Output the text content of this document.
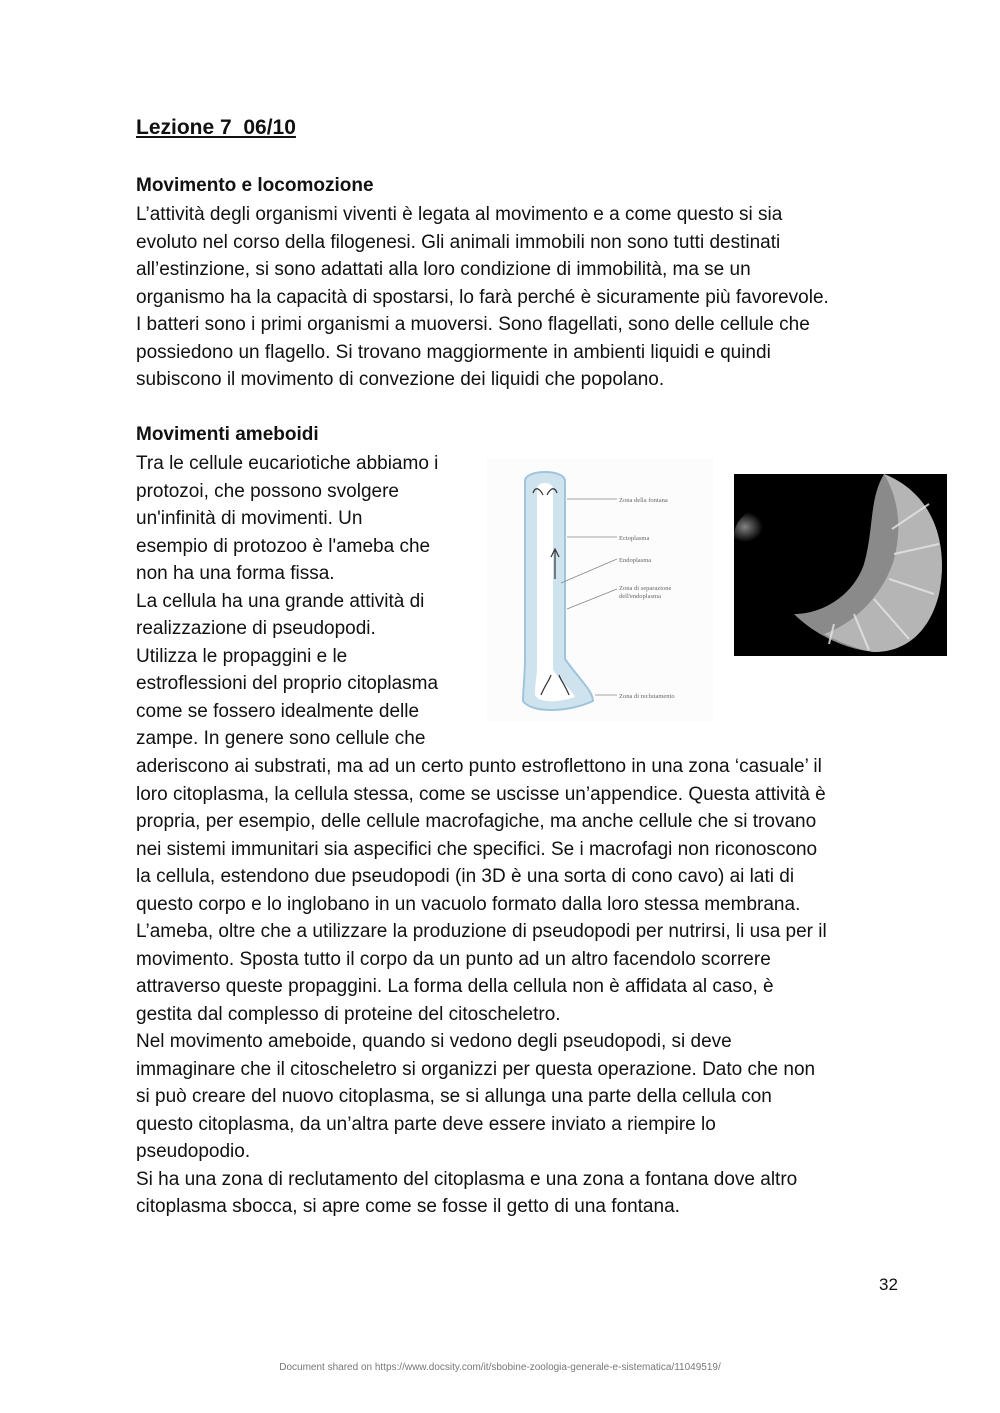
Lezione 7  06/10
Movimento e locomozione
L’attività degli organismi viventi è legata al movimento e a come questo si sia
evoluto nel corso della filogenesi. Gli animali immobili non sono tutti destinati
all’estinzione, si sono adattati alla loro condizione di immobilità, ma se un
organismo ha la capacità di spostarsi, lo farà perché è sicuramente più favorevole.
I batteri sono i primi organismi a muoversi. Sono flagellati, sono delle cellule che
possiedono un flagello. Si trovano maggiormente in ambienti liquidi e quindi
subiscono il movimento di convezione dei liquidi che popolano.
Movimenti ameboidi
Tra le cellule eucariotiche abbiamo i
protozoi, che possono svolgere
un'infinità di movimenti. Un
esempio di protozoo è l'ameba che
non ha una forma fissa.
La cellula ha una grande attività di
realizzazione di pseudopodi.
Utilizza le propaggini e le
estroflessioni del proprio citoplasma
come se fossero idealmente delle
zampe. In genere sono cellule che
Zona della fontana
Ectoplasma
Endoplasma
Zona di separazione
dell'endoplasma
Zona di reclutamento
aderiscono ai substrati, ma ad un certo punto estroflettono in una zona ‘casuale’ il
loro citoplasma, la cellula stessa, come se uscisse un’appendice. Questa attività è
propria, per esempio, delle cellule macrofagiche, ma anche cellule che si trovano
nei sistemi immunitari sia aspecifici che specifici. Se i macrofagi non riconoscono
la cellula, estendono due pseudopodi (in 3D è una sorta di cono cavo) ai lati di
questo corpo e lo inglobano in un vacuolo formato dalla loro stessa membrana.
L’ameba, oltre che a utilizzare la produzione di pseudopodi per nutrirsi, li usa per il
movimento. Sposta tutto il corpo da un punto ad un altro facendolo scorrere
attraverso queste propaggini. La forma della cellula non è affidata al caso, è
gestita dal complesso di proteine del citoscheletro.
Nel movimento ameboide, quando si vedono degli pseudopodi, si deve
immaginare che il citoscheletro si organizzi per questa operazione. Dato che non
si può creare del nuovo citoplasma, se si allunga una parte della cellula con
questo citoplasma, da un’altra parte deve essere inviato a riempire lo
pseudopodio.
Si ha una zona di reclutamento del citoplasma e una zona a fontana dove altro
citoplasma sbocca, si apre come se fosse il getto di una fontana.
32
Document shared on https://www.docsity.com/it/sbobine-zoologia-generale-e-sistematica/11049519/
